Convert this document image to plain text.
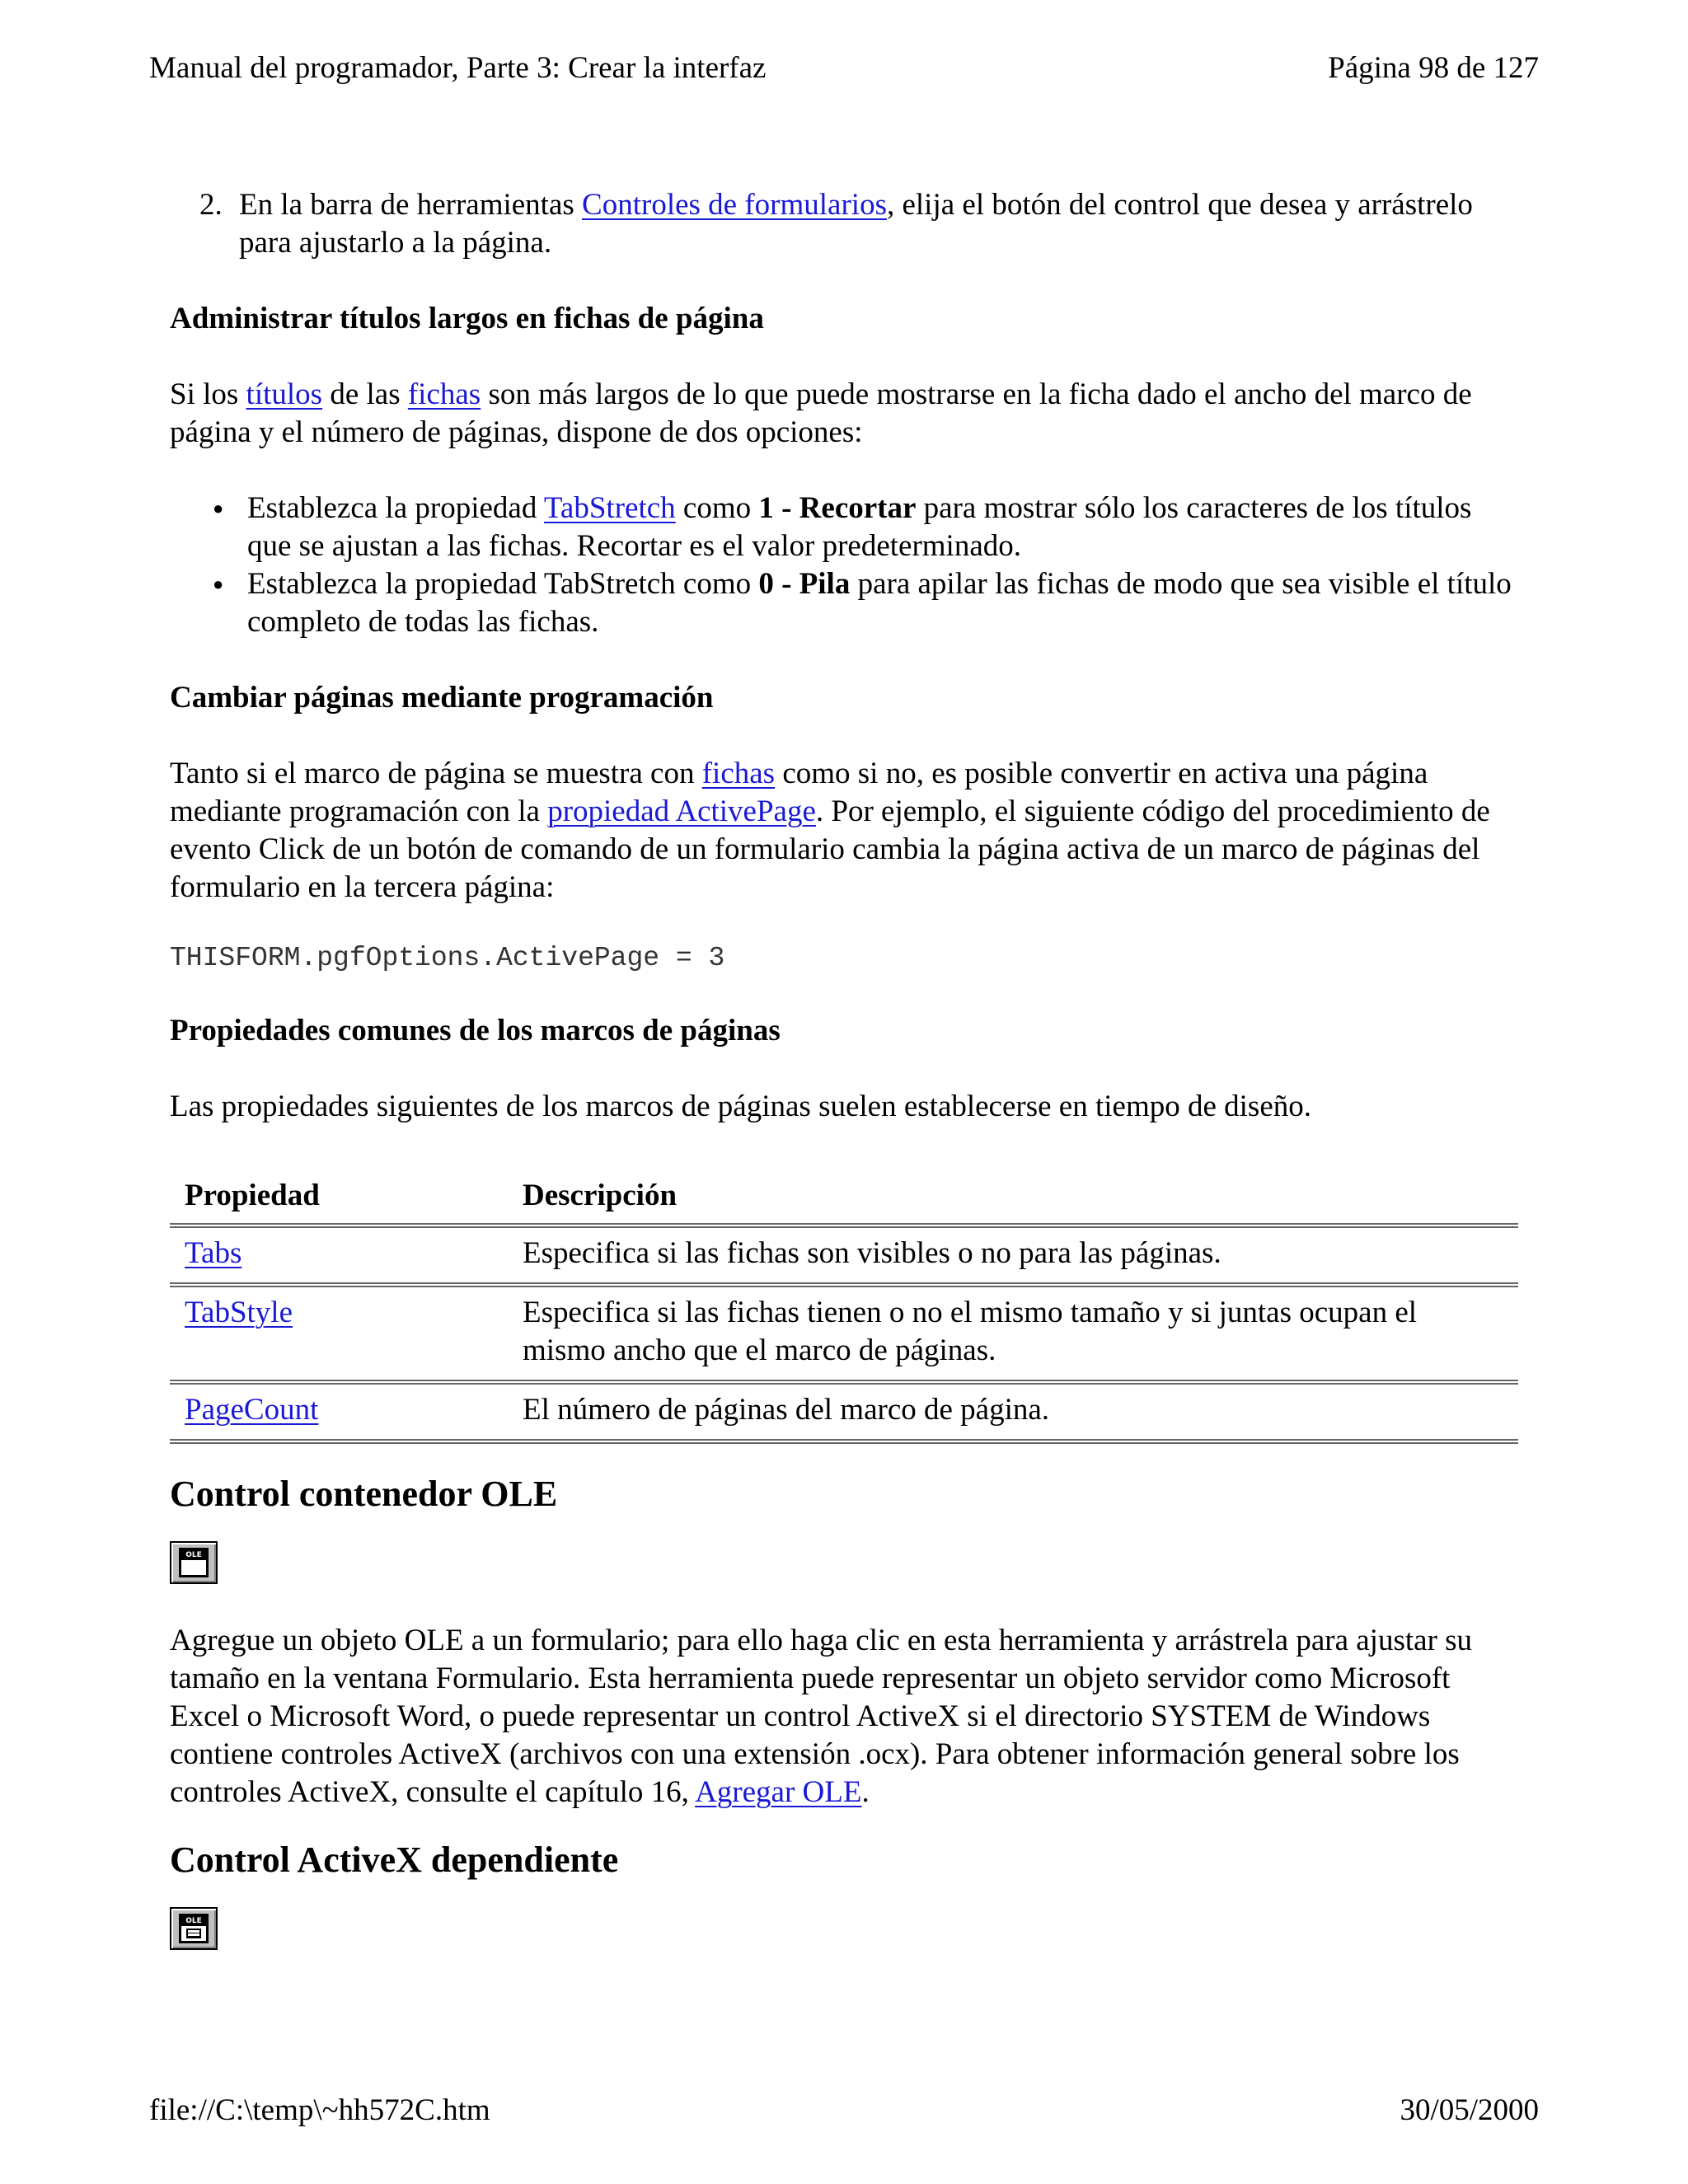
Manual del programador, Parte 3: Crear la interfaz	Página 98 de 127
2. En la barra de herramientas Controles de formularios, elija el botón del control que desea y arrástrelo para ajustarlo a la página.
Administrar títulos largos en fichas de página

Si los títulos de las fichas son más largos de lo que puede mostrarse en la ficha dado el ancho del marco de página y el número de páginas, dispone de dos opciones:

● Establezca la propiedad TabStretch como 1 - Recortar para mostrar sólo los caracteres de los títulos que se ajustan a las fichas. Recortar es el valor predeterminado.
● Establezca la propiedad TabStretch como 0 - Pila para apilar las fichas de modo que sea visible el título completo de todas las fichas.
Cambiar páginas mediante programación

Tanto si el marco de página se muestra con fichas como si no, es posible convertir en activa una página mediante programación con la propiedad ActivePage. Por ejemplo, el siguiente código del procedimiento de evento Click de un botón de comando de un formulario cambia la página activa de un marco de páginas del formulario en la tercera página:

THISFORM.pgfOptions.ActivePage = 3
Propiedades comunes de los marcos de páginas

Las propiedades siguientes de los marcos de páginas suelen establecerse en tiempo de diseño.

Propiedad	Descripción
Tabs	Especifica si las fichas son visibles o no para las páginas.
TabStyle	Especifica si las fichas tienen o no el mismo tamaño y si juntas ocupan el mismo ancho que el marco de páginas.
PageCount	El número de páginas del marco de página.
Control contenedor OLE
OLE

Agregue un objeto OLE a un formulario; para ello haga clic en esta herramienta y arrástrela para ajustar su tamaño en la ventana Formulario. Esta herramienta puede representar un objeto servidor como Microsoft Excel o Microsoft Word, o puede representar un control ActiveX si el directorio SYSTEM de Windows contiene controles ActiveX (archivos con una extensión .ocx). Para obtener información general sobre los controles ActiveX, consulte el capítulo 16, Agregar OLE.

Control ActiveX dependiente
OLE
file://C:\temp\~hh572C.htm	30/05/2000
